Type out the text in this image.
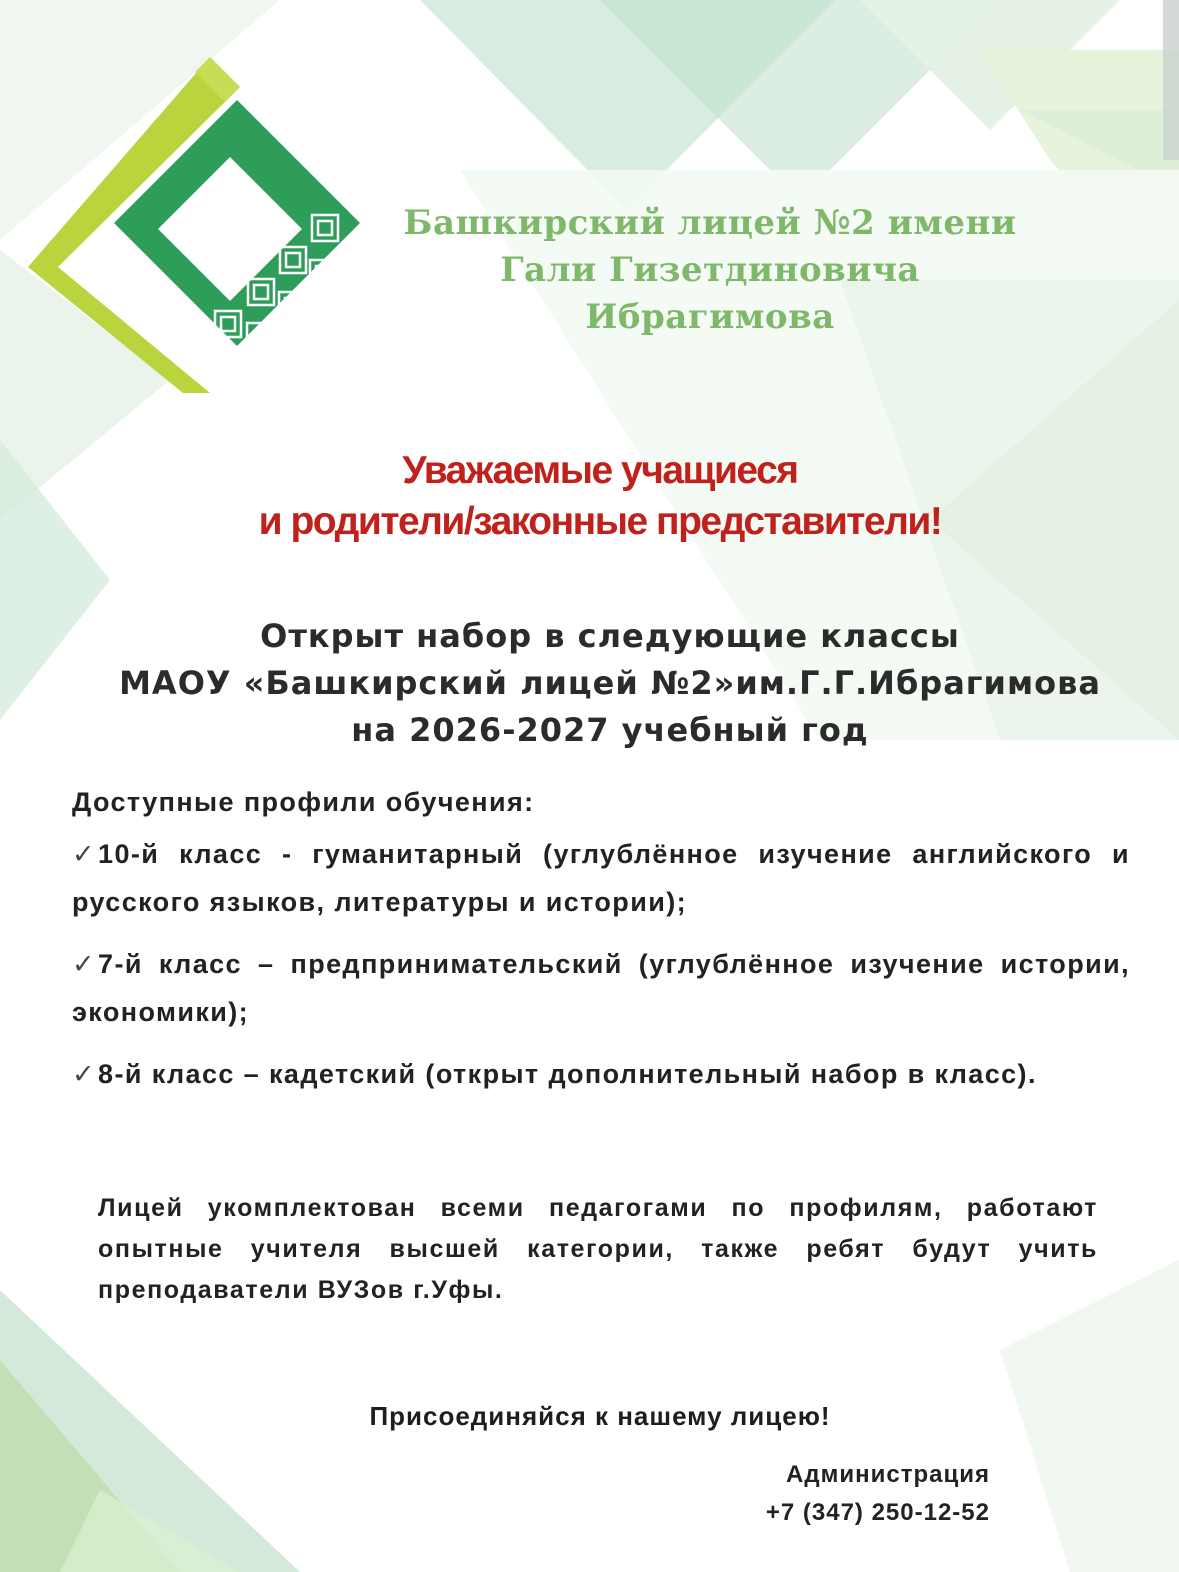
Башкирский лицей №2 имени
Гали Гизетдиновича Ибрагимова
Уважаемые учащиеся
и родители/законные представители!
Открыт набор в следующие классы
МАОУ «Башкирский лицей №2»им.Г.Г.Ибрагимова
на 2026-2027 учебный год
Доступные профили обучения:
✓10-й класс - гуманитарный (углублённое изучение английского и русского языков, литературы и истории);
✓7-й класс – предпринимательский (углублённое изучение истории, экономики);
✓8-й класс – кадетский (открыт дополнительный набор в класс).
Лицей укомплектован всеми педагогами по профилям, работают опытные учителя высшей категории, также ребят будут учить преподаватели ВУЗов г.Уфы.
Присоединяйся к нашему лицею!
Администрация
+7 (347) 250-12-52
